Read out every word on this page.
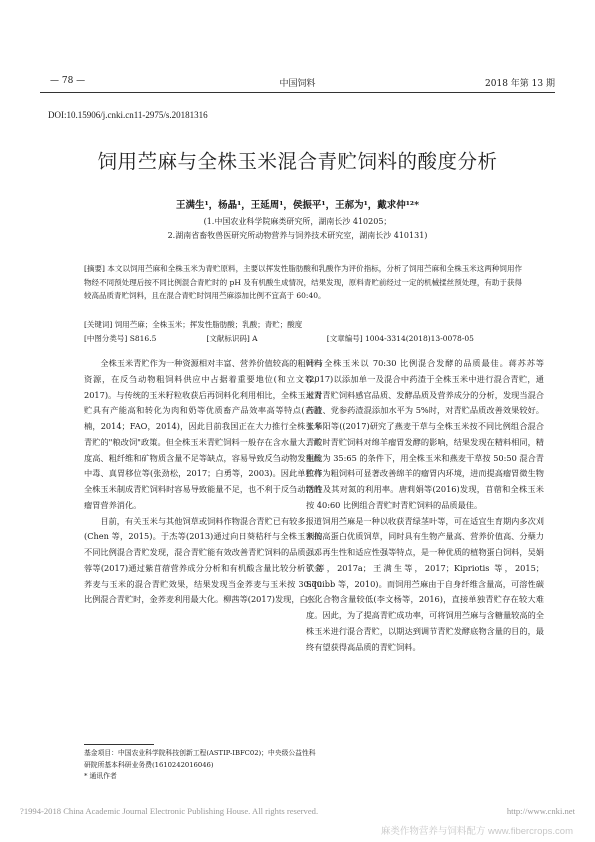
— 78 —	中国饲料	2018 年第 13 期
DOI:10.15906/j.cnki.cn11-2975/s.20181316
饲用苎麻与全株玉米混合青贮饲料的酸度分析
王满生¹，杨晶¹，王延周¹，侯振平¹，王郝为¹，戴求仲¹²*
(1.中国农业科学院麻类研究所，湖南长沙 410205；
2.湖南省畜牧兽医研究所动物营养与饲养技术研究室，湖南长沙 410131)
[摘要] 本文以饲用苎麻和全株玉米为青贮原料，主要以挥发性脂肪酸和乳酸作为评价指标，分析了饲用苎麻和全株玉米这两种饲用作物经不同预处理后按不同比例混合青贮时的 pH 及有机酸生成情况，结果发现，原料青贮前经过一定的机械揉丝预处理，有助于获得较高品质青贮饲料，且在混合青贮时饲用苎麻添加比例不宜高于 60:40。
[关键词] 饲用苎麻；全株玉米；挥发性脂肪酸；乳酸；青贮；酸度
[中图分类号] S816.5	[文献标识码] A	[文章编号] 1004-3314(2018)13-0078-05

全株玉米青贮作为一种资源相对丰富、营养价值较高的粗饲料资源，在反刍动物粗饲料供应中占据着重要地位(和立文等，2017)。与传统的玉米籽粒收获后再饲料化利用相比，全株玉米青贮具有产能高和转化为肉和奶等优质畜产品效率高等特点(吉胜楠，2014；FAO，2014)，因此目前我国正在大力推行全株玉米青贮的"粮改饲"政策。但全株玉米青贮饲料一般存在含水量大、酸度高、粗纤维和矿物质含量不足等缺点，容易导致反刍动物发生酸中毒、真胃移位等(张劲松，2017；白勇等，2003)。因此单独将全株玉米制成青贮饲料时容易导致能量不足，也不利于反刍动物的瘤胃营养消化。

目前，有关玉米与其他饲草或饲料作物混合青贮已有较多报道(Chen 等，2015)。于杰等(2013)通过向日葵秸秆与全株玉米按不同比例混合青贮发现，混合青贮能有效改善青贮饲料的品质。邓蓉等(2017)通过紫苜蓿营养成分分析和有机酸含量比较分析了金荞麦与玉米的混合青贮效果，结果发现当金荞麦与玉米按 30:70 比例混合青贮时，金荞麦利用最大化。柳茜等(2017)发现，白三

叶与全株玉米以 70:30 比例混合发酵的品质最佳。蒋苏苏等(2017)以添加单一及混合中药渣于全株玉米中进行混合青贮，通过对青贮饲料感官品质、发酵品质及营养成分的分析，发现当混合药渣、党参药渣混添加水平为 5%时，对青贮品质改善效果较好。张华阳等((2017)研究了燕麦干草与全株玉米按不同比例组合混合青贮时青贮饲料对绵羊瘤胃发酵的影响，结果发现在精料相同，精粗比为 35:65 的条件下，用全株玉米和燕麦干草按 50:50 混合青贮作为粗饲料可显著改善绵羊的瘤胃内环境，进而提高瘤胃微生物活性及其对氮的利用率。唐莉娟等(2016)发现，苜蓿和全株玉米按 40:60 比例组合青贮时青贮饲料的品质最佳。

饲用苎麻是一种以收获青绿茎叶等，可在适宜生育期内多次刈割的高蛋白优质饲草，同时具有生物产量高、营养价值高、分蘖力强、再生性和适应性强等特点，是一种优质的植物蛋白饲料，吴娟钦等，2017a；王满生等，2017；Kipriotis 等，2015；Squibb 等，2010)。而饲用苎麻由于自身纤维含量高，可溶性碳水化合物含量较低(李文杨等，2016)，直接单独青贮存在较大难度。因此，为了提高青贮成功率，可将饲用苎麻与含糖量较高的全株玉米进行混合青贮，以期达到调节青贮发酵底物含量的目的，最终有望获得高品质的青贮饲料。

基金项目：中国农业科学院科技创新工程(ASTIP-IBFC02)；中央级公益性科研院所基本科研业务费(1610242016046)
* 通讯作者
?1994-2018 China Academic Journal Electronic Publishing House. All rights reserved.	http://www.cnki.net
麻类作物营养与饲料配方 www.fibercrops.com
